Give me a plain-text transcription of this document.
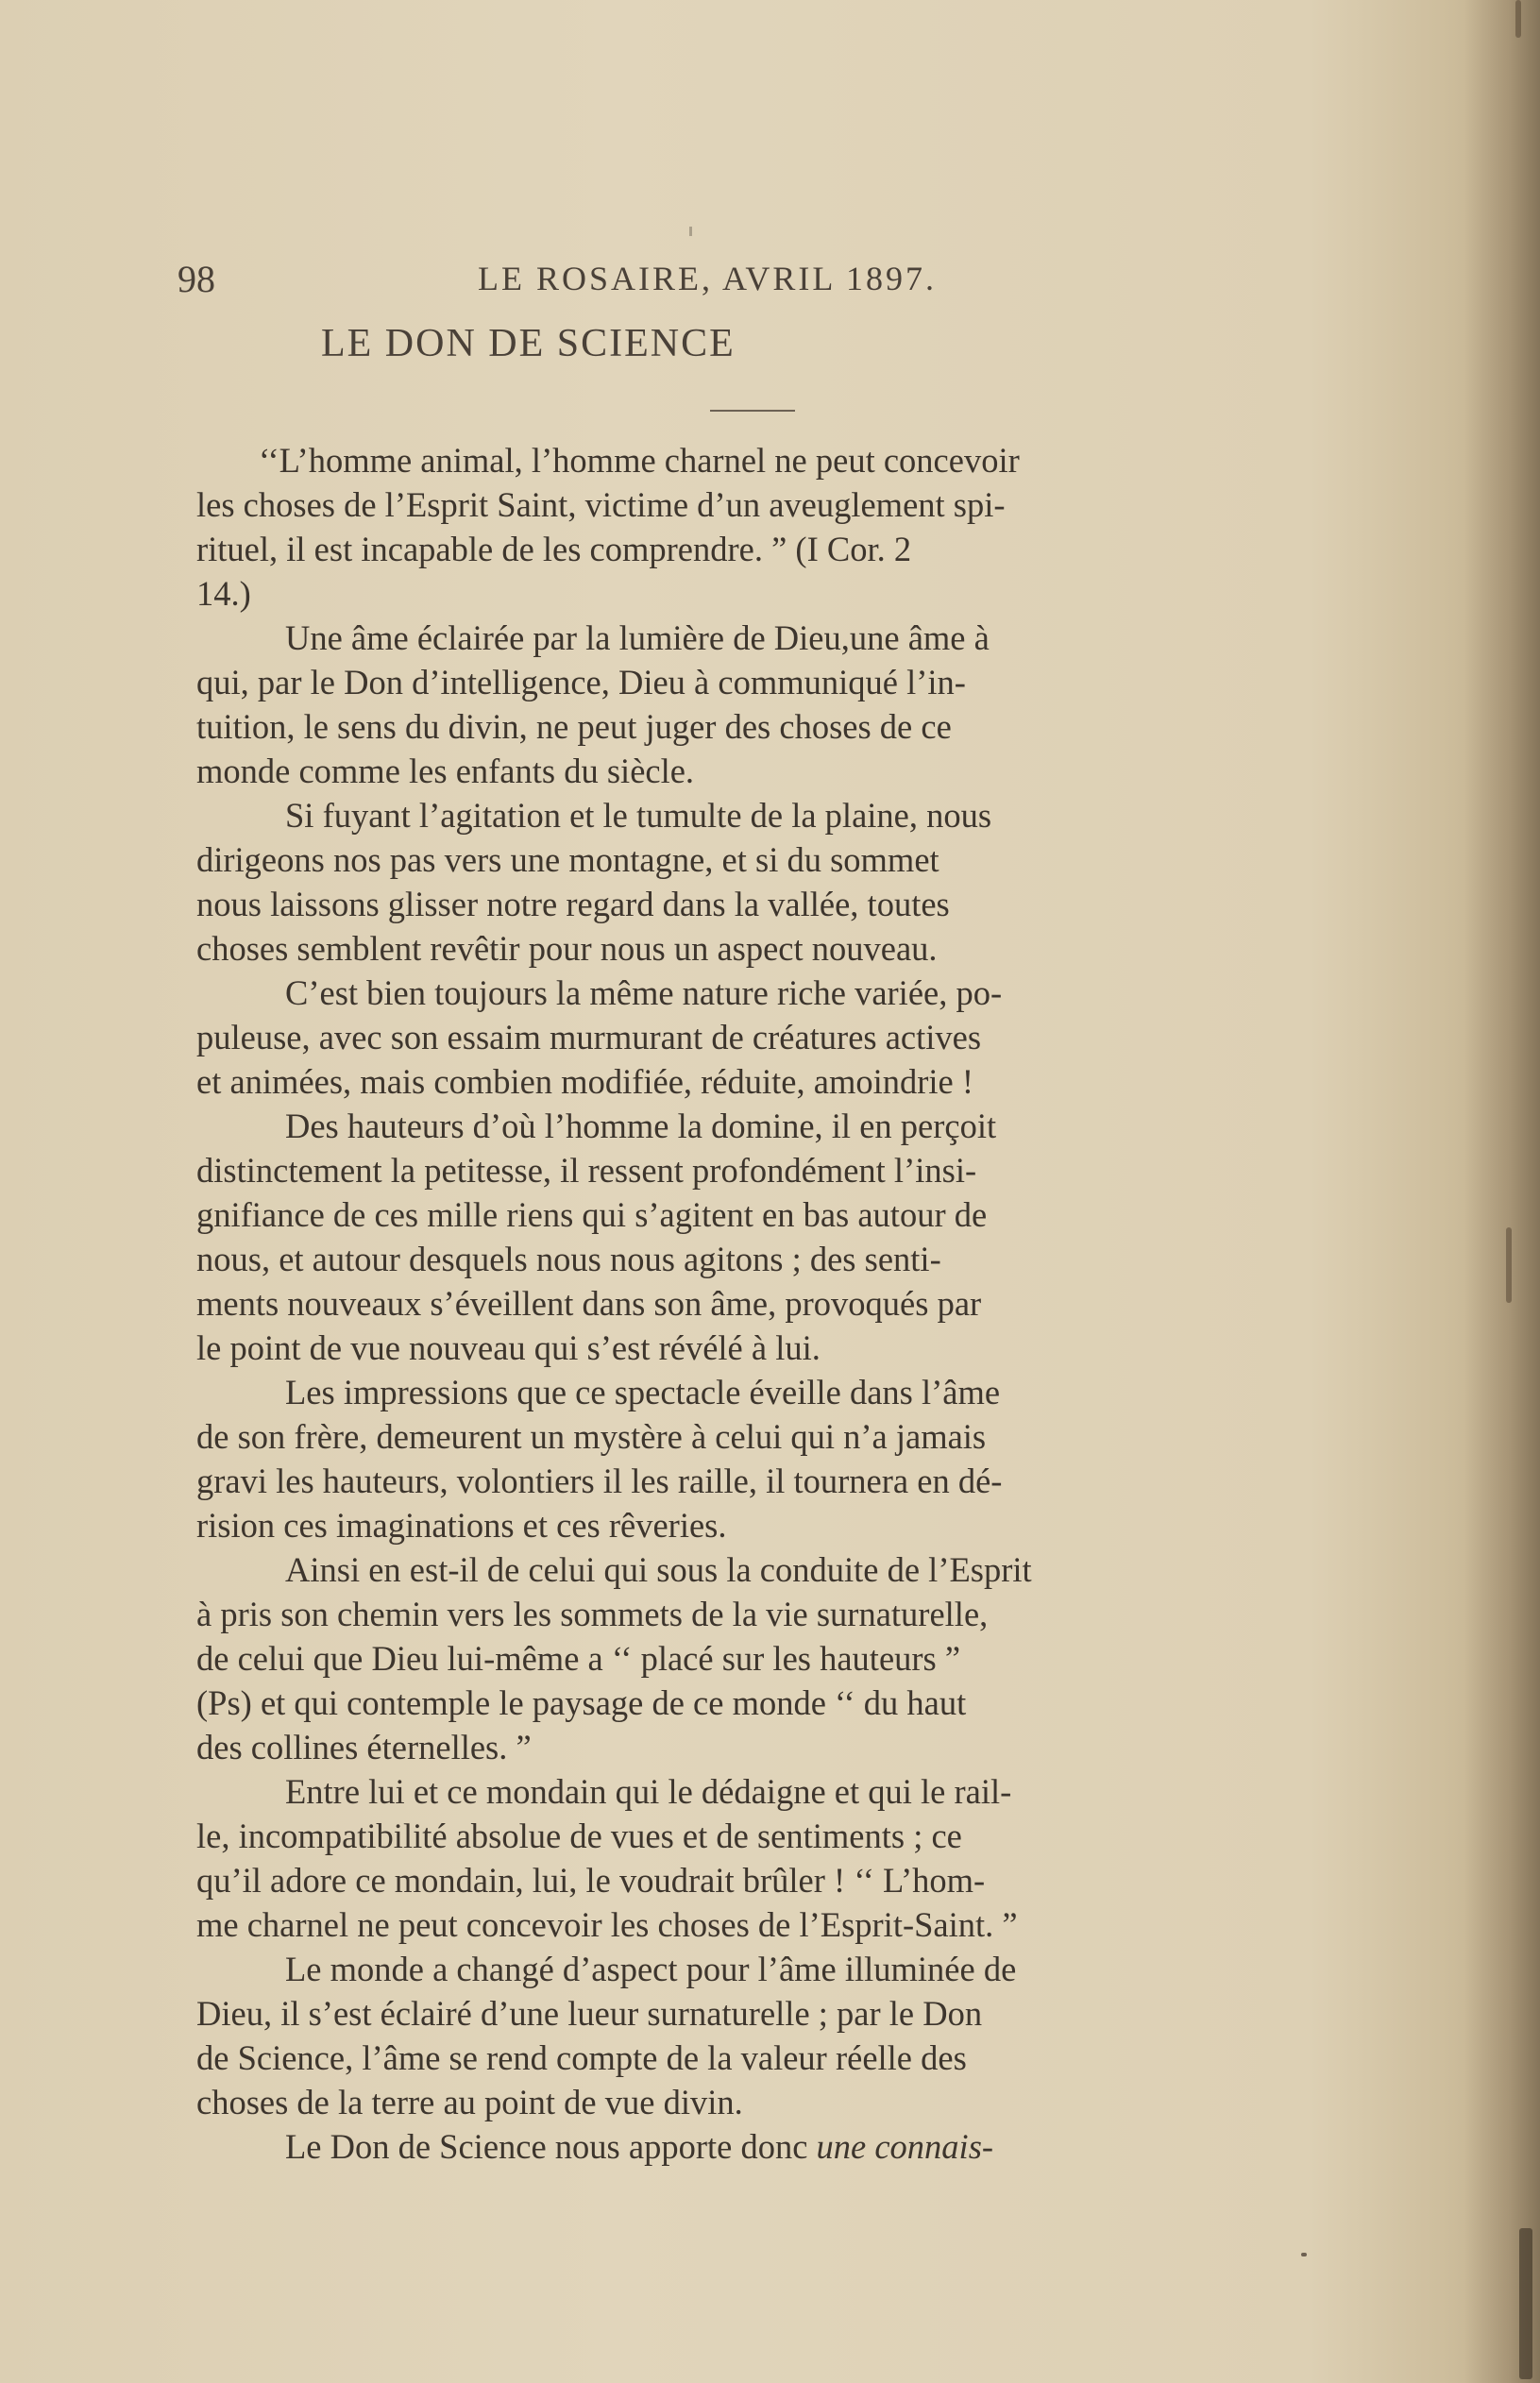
98	LE ROSAIRE, AVRIL 1897.
LE DON DE SCIENCE
‘‘L’homme animal, l’homme charnel ne peut concevoir
les choses de l’Esprit Saint, victime d’un aveuglement spi-
rituel, il est incapable de les comprendre. ” (I Cor. 2
14.)
Une âme éclairée par la lumière de Dieu,une âme à
qui, par le Don d’intelligence, Dieu à communiqué l’in-
tuition, le sens du divin, ne peut juger des choses de ce
monde comme les enfants du siècle.
Si fuyant l’agitation et le tumulte de la plaine, nous
dirigeons nos pas vers une montagne, et si du sommet
nous laissons glisser notre regard dans la vallée, toutes
choses semblent revêtir pour nous un aspect nouveau.
C’est bien toujours la même nature riche variée, po-
puleuse, avec son essaim murmurant de créatures actives
et animées, mais combien modifiée, réduite, amoindrie !
Des hauteurs d’où l’homme la domine, il en perçoit
distinctement la petitesse, il ressent profondément l’insi-
gnifiance de ces mille riens qui s’agitent en bas autour de
nous, et autour desquels nous nous agitons ; des senti-
ments nouveaux s’éveillent dans son âme, provoqués par
le point de vue nouveau qui s’est révélé à lui.
Les impressions que ce spectacle éveille dans l’âme
de son frère, demeurent un mystère à celui qui n’a jamais
gravi les hauteurs, volontiers il les raille, il tournera en dé-
rision ces imaginations et ces rêveries.
Ainsi en est-il de celui qui sous la conduite de l’Esprit
à pris son chemin vers les sommets de la vie surnaturelle,
de celui que Dieu lui-même a ‘‘ placé sur les hauteurs ”
(Ps) et qui contemple le paysage de ce monde ‘‘ du haut
des collines éternelles. ”
Entre lui et ce mondain qui le dédaigne et qui le rail-
le, incompatibilité absolue de vues et de sentiments ; ce
qu’il adore ce mondain, lui, le voudrait brûler ! ‘‘ L’hom-
me charnel ne peut concevoir les choses de l’Esprit-Saint. ”
Le monde a changé d’aspect pour l’âme illuminée de
Dieu, il s’est éclairé d’une lueur surnaturelle ; par le Don
de Science, l’âme se rend compte de la valeur réelle des
choses de la terre au point de vue divin.
Le Don de Science nous apporte donc une connais-
